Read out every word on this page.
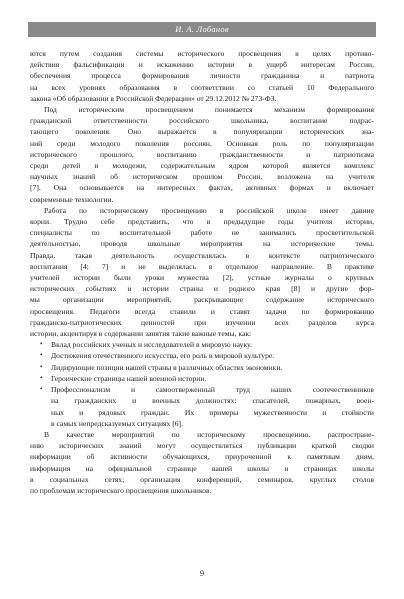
И. А. Лобанов
ются путем создания системы исторического просвещения в целях противо-
действия фальсификации и искажению истории в ущерб интересам России,
обеспечения процесса формирования личности гражданина и патриота
на всех уровнях образования в соответствии со статьей 10 Федерального
закона «Об образовании в Российской Федерации» от 29.12.2012 № 273-ФЗ.
Под историческим просвещением понимается механизм формирования
гражданской ответственности российского школьника, воспитание подрас-
тающего поколения. Оно выражается в популяризации исторических зна-
ний среди молодого поколения россиян. Основная роль по популяризации
исторического прошлого, воспитанию гражданственности и патриотизма
среди детей и молодежи, содержательным ядром которой является комплекс
научных знаний об историческом прошлом России, возложена на учителя
[7]. Она основывается на интересных фактах, активных формах и включает
современные технологии.
Работа по историческому просвещению в российской школе имеет давние
корни. Трудно себе представить, что в предыдущие годы учителя истории,
специалисты по воспитательной работе не занимались просветительской
деятельностью, проводя школьные мероприятия на исторические темы.
Правда, такая деятельность осуществлялась в контексте патриотического
воспитания [4; 7] и не выделялась в отдельное направление. В практике
учителей истории были уроки мужества [2], устные журналы о крупных
исторических событиях и истории страны и родного края [8] и другие фор-
мы организации мероприятий, раскрывающие содержание исторического
просвещения. Педагоги всегда ставили и ставят задачи по формированию
гражданско-патриотических ценностей при изучении всех разделов курса
истории, акцентируя в содержании занятия такие важные темы, как:
•	Вклад российских ученых и исследователей в мировую науку.
•	Достижения отечественного искусства, его роль в мировой культуре.
•	Лидирующие позиции нашей страны в различных областях экономики.
•	Героические страницы нашей военной истории.
•	Профессионализм и самоотверженный труд наших соотечественников
на гражданских и военных должностях: спасателей, пожарных, воен-
ных и рядовых граждан. Их примеры мужественности и стойкости
в самых непредсказуемых ситуациях [6].
В качестве мероприятий по историческому просвещению, распростране-
нию исторических знаний могут осуществляться публикации краткой сводки
информации об активности обучающихся, приуроченной к памятным дням,
информация на официальной странице вашей школы и страницах школы
в социальных сетях; организация конференций, семинаров, круглых столов
по проблемам исторического просвещения школьников.
9
